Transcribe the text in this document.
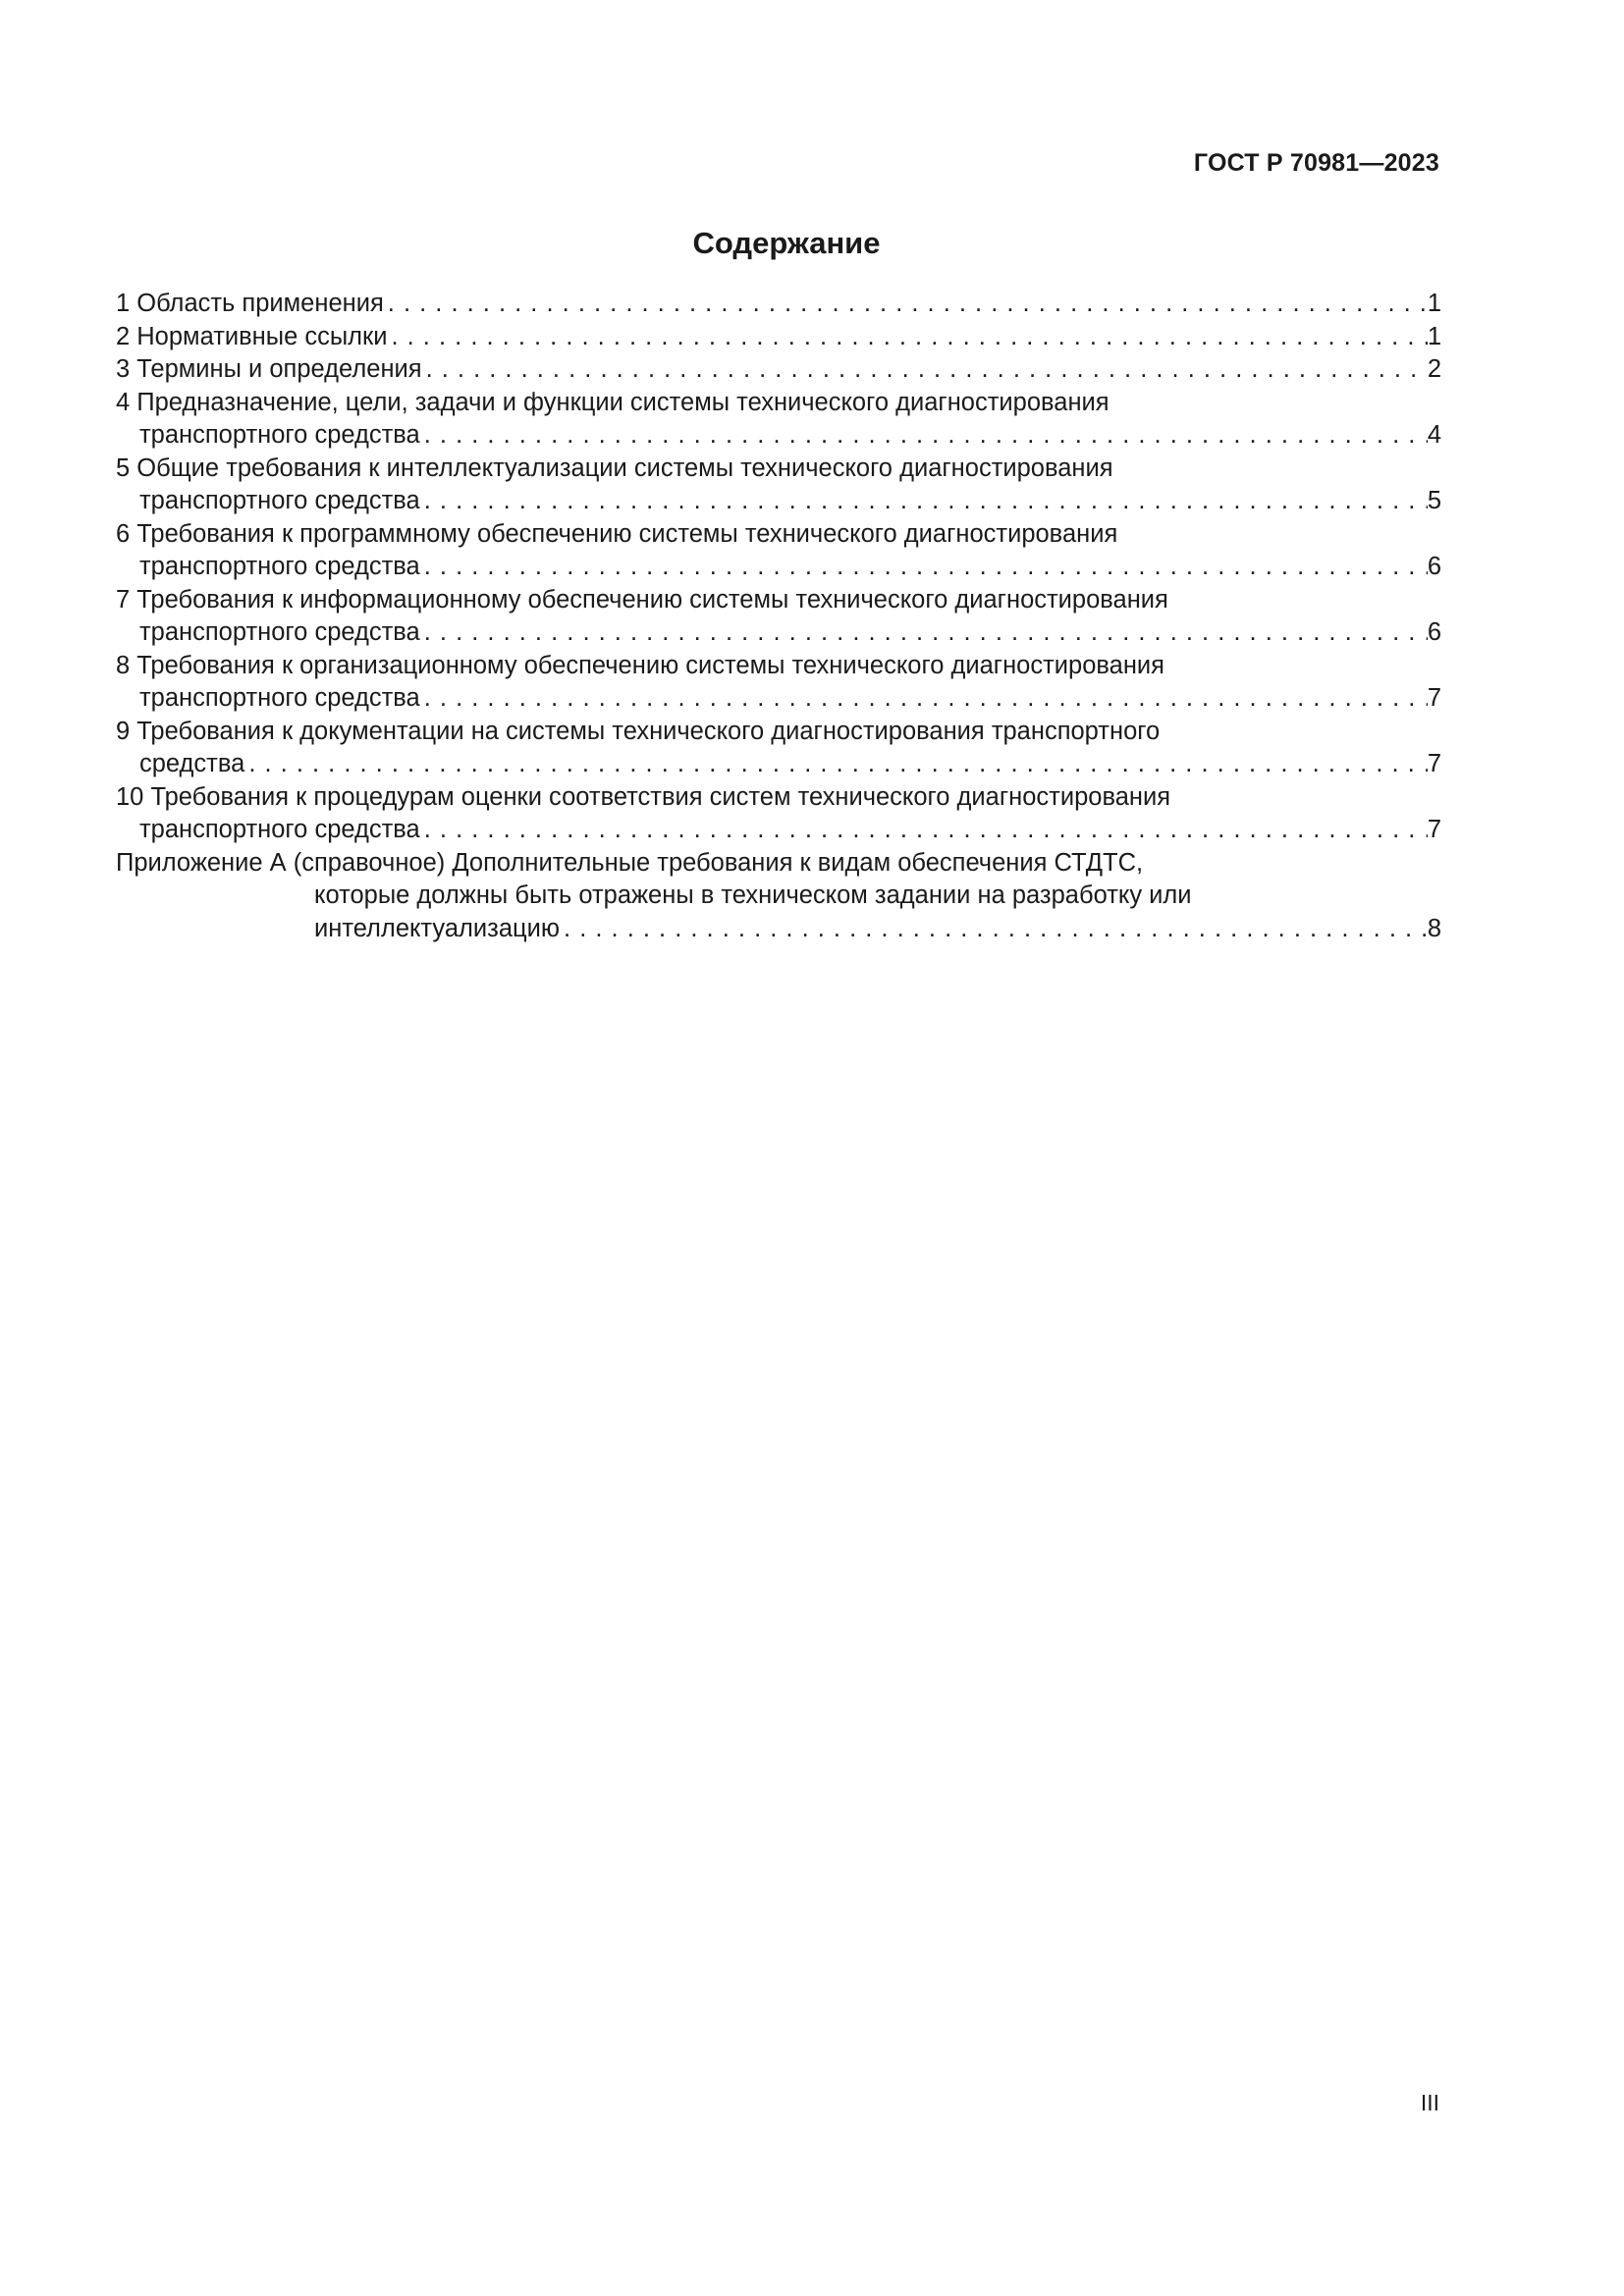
ГОСТ Р 70981—2023
Содержание
1 Область применения . . .	1
2 Нормативные ссылки . . .	1
3 Термины и определения . . .	2
4 Предназначение, цели, задачи и функции системы технического диагностирования
транспортного средства . . .	4
5 Общие требования к интеллектуализации системы технического диагностирования
транспортного средства . . .	5
6 Требования к программному обеспечению системы технического диагностирования
транспортного средства . . .	6
7 Требования к информационному обеспечению системы технического диагностирования
транспортного средства . . .	6
8 Требования к организационному обеспечению системы технического диагностирования
транспортного средства . . .	7
9 Требования к документации на системы технического диагностирования транспортного
средства . . .	7
10 Требования к процедурам оценки соответствия систем технического диагностирования
транспортного средства . . .	7
Приложение А (справочное) Дополнительные требования к видам обеспечения СТДТС,
которые должны быть отражены в техническом задании на разработку или
интеллектуализацию . . .	8
III
